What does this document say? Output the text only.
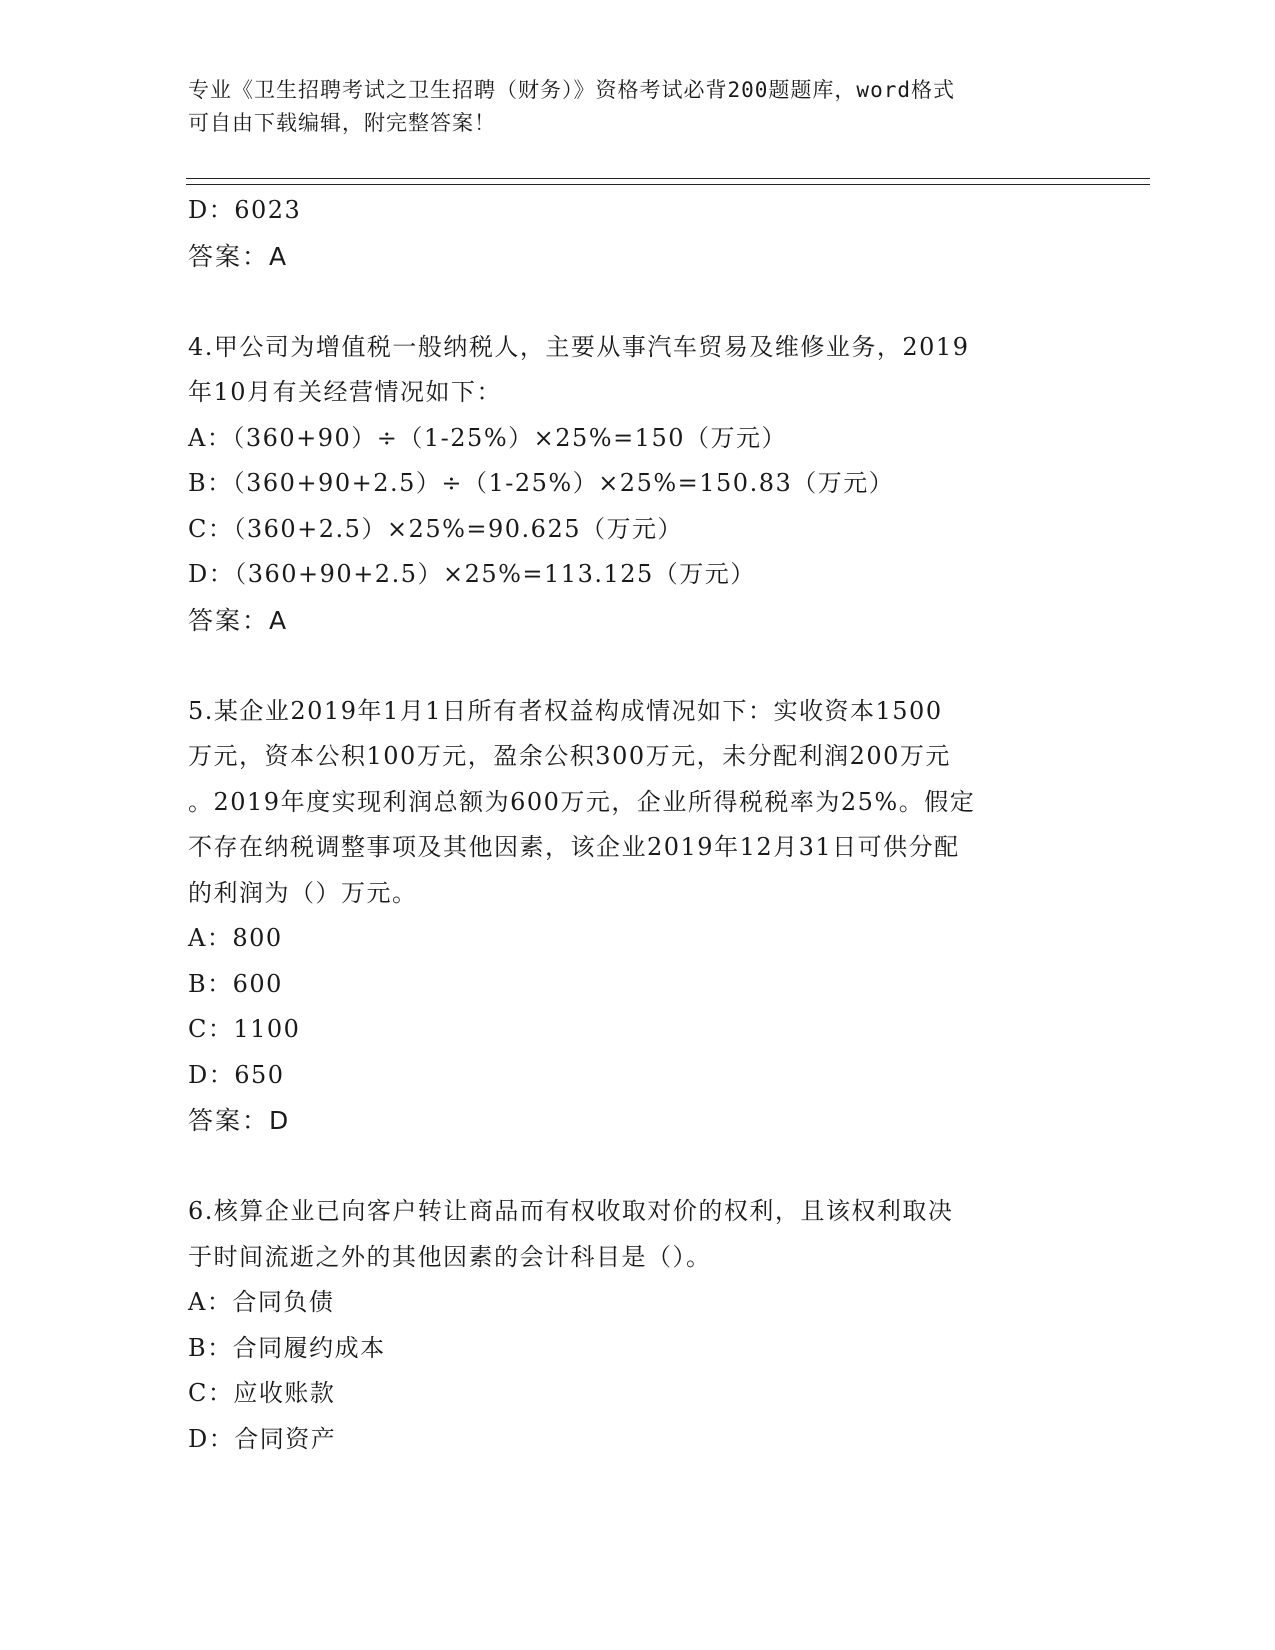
专业《卫生招聘考试之卫生招聘（财务）》资格考试必背200题题库，word格式
可自由下载编辑，附完整答案！
D：6023
答案：A
4.甲公司为增值税一般纳税人，主要从事汽车贸易及维修业务，2019
年10月有关经营情况如下：
A：（360+90）÷（1-25%）×25%=150（万元）
B：（360+90+2.5）÷（1-25%）×25%=150.83（万元）
C：（360+2.5）×25%=90.625（万元）
D：（360+90+2.5）×25%=113.125（万元）
答案：A
5.某企业2019年1月1日所有者权益构成情况如下：实收资本1500
万元，资本公积100万元，盈余公积300万元，未分配利润200万元
。2019年度实现利润总额为600万元，企业所得税税率为25%。假定
不存在纳税调整事项及其他因素，该企业2019年12月31日可供分配
的利润为（）万元。
A：800
B：600
C：1100
D：650
答案：D
6.核算企业已向客户转让商品而有权收取对价的权利，且该权利取决
于时间流逝之外的其他因素的会计科目是（）。
A：合同负债
B：合同履约成本
C：应收账款
D：合同资产
